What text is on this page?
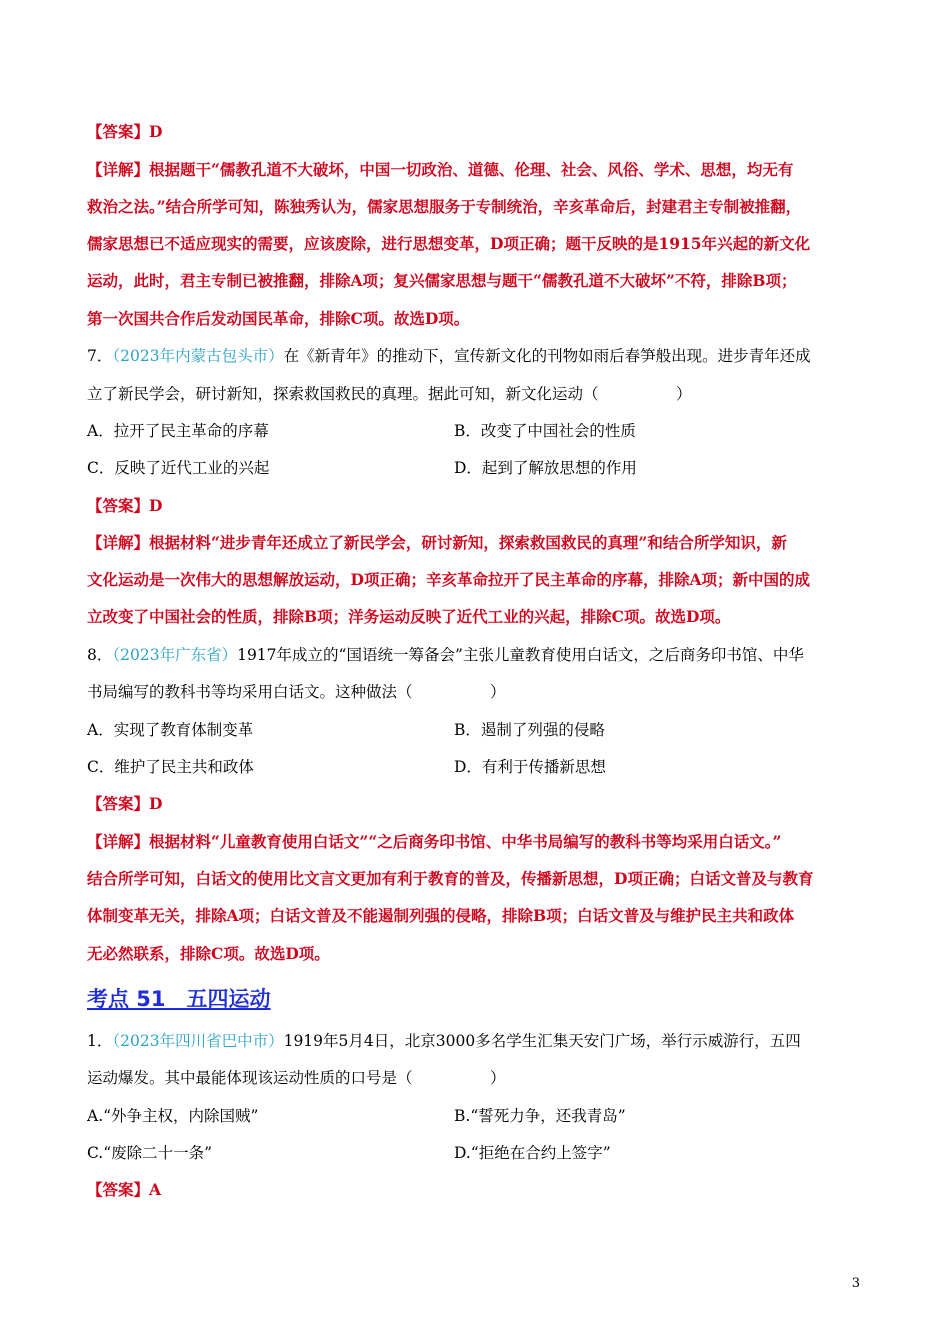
【答案】D
【详解】根据题干“儒教孔道不大破坏，中国一切政治、道德、伦理、社会、风俗、学术、思想，均无有
救治之法。”结合所学可知，陈独秀认为，儒家思想服务于专制统治，辛亥革命后，封建君主专制被推翻，
儒家思想已不适应现实的需要，应该废除，进行思想变革，D项正确；题干反映的是1915年兴起的新文化
运动，此时，君主专制已被推翻，排除A项；复兴儒家思想与题干“儒教孔道不大破坏”不符，排除B项；
第一次国共合作后发动国民革命，排除C项。故选D项。
7．（2023年内蒙古包头市）在《新青年》的推动下，宣传新文化的刊物如雨后春笋般出现。进步青年还成
立了新民学会，研讨新知，探索救国救民的真理。据此可知，新文化运动（　　　　　）
A．拉开了民主革命的序幕	B．改变了中国社会的性质
C．反映了近代工业的兴起	D．起到了解放思想的作用
【答案】D
【详解】根据材料“进步青年还成立了新民学会，研讨新知，探索救国救民的真理”和结合所学知识，新
文化运动是一次伟大的思想解放运动，D项正确；辛亥革命拉开了民主革命的序幕，排除A项；新中国的成
立改变了中国社会的性质，排除B项；洋务运动反映了近代工业的兴起，排除C项。故选D项。
8．（2023年广东省）1917年成立的“国语统一筹备会”主张儿童教育使用白话文，之后商务印书馆、中华
书局编写的教科书等均采用白话文。这种做法（　　　　　）
A．实现了教育体制变革	B．遏制了列强的侵略
C．维护了民主共和政体	D．有利于传播新思想
【答案】D
【详解】根据材料“儿童教育使用白话文”“之后商务印书馆、中华书局编写的教科书等均采用白话文。”
结合所学可知，白话文的使用比文言文更加有利于教育的普及，传播新思想，D项正确；白话文普及与教育
体制变革无关，排除A项；白话文普及不能遏制列强的侵略，排除B项；白话文普及与维护民主共和政体
无必然联系，排除C项。故选D项。
考点 51　五四运动
1．（2023年四川省巴中市）1919年5月4日，北京3000多名学生汇集天安门广场，举行示威游行，五四
运动爆发。其中最能体现该运动性质的口号是（　　　　　）
A.“外争主权，内除国贼”	B.“誓死力争，还我青岛”
C.“废除二十一条”	D.“拒绝在合约上签字”
【答案】A
3
